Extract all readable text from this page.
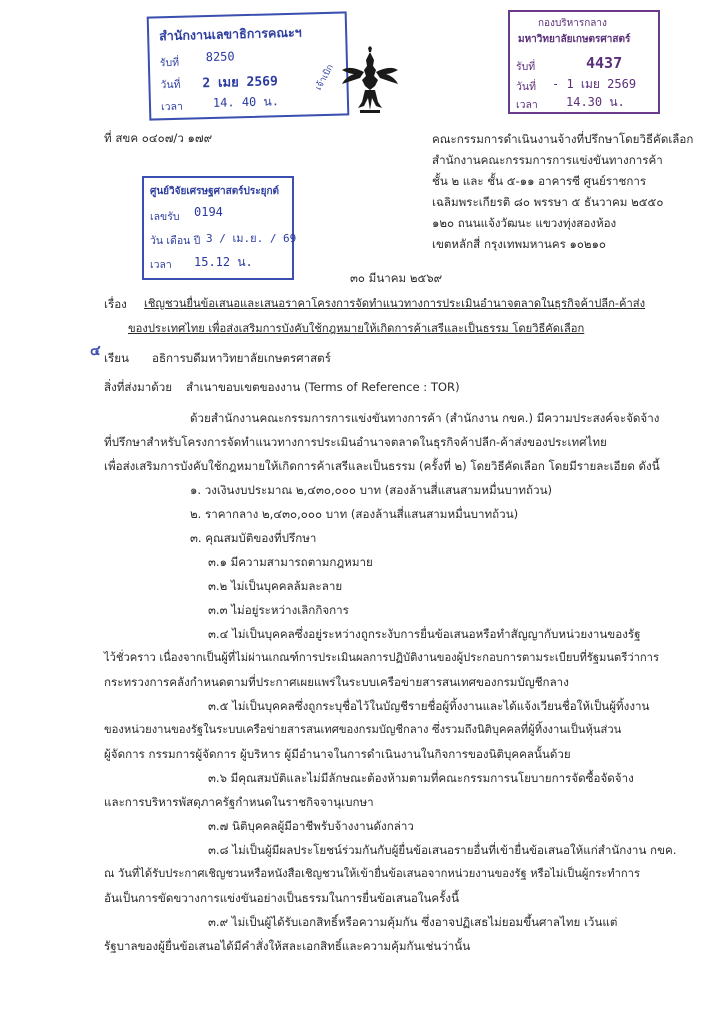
สำนักงานเลขาธิการคณะฯ
รับที่ 8250
วันที่ 2 เมย 2569
เวลา 14. 40 น.
เจ้าเบิก
กองบริหารกลาง
มหาวิทยาลัยเกษตรศาสตร์
รับที่	4437
วันที่ - 1 เมย 2569
เวลา 14.30 น.
ที่ สขค ๐๔๐๗/ว ๑๗๙	คณะกรรมการดำเนินงานจ้างที่ปรึกษาโดยวิธีคัดเลือก
สำนักงานคณะกรรมการการแข่งขันทางการค้า
ชั้น ๒ และ ชั้น ๕-๑๑ อาคารซี ศูนย์ราชการ
เฉลิมพระเกียรติ ๘๐ พรรษา ๕ ธันวาคม ๒๕๕๐
๑๒๐ ถนนแจ้งวัฒนะ แขวงทุ่งสองห้อง
เขตหลักสี่ กรุงเทพมหานคร ๑๐๒๑๐
ศูนย์วิจัยเศรษฐศาสตร์ประยุกต์
เลขรับ 0194
วัน เดือน ปี 3 / เม.ย. / 69
เวลา 15.12 น.
๓๐ มีนาคม ๒๕๖๙
เรื่อง เชิญชวนยื่นข้อเสนอและเสนอราคาโครงการจัดทำแนวทางการประเมินอำนาจตลาดในธุรกิจค้าปลีก-ค้าส่ง
ของประเทศไทย เพื่อส่งเสริมการบังคับใช้กฎหมายให้เกิดการค้าเสรีและเป็นธรรม โดยวิธีคัดเลือก
๔ เรียน อธิการบดีมหาวิทยาลัยเกษตรศาสตร์
สิ่งที่ส่งมาด้วย สำเนาขอบเขตของงาน (Terms of Reference : TOR)
ด้วยสำนักงานคณะกรรมการการแข่งขันทางการค้า (สำนักงาน กขค.) มีความประสงค์จะจัดจ้าง
ที่ปรึกษาสำหรับโครงการจัดทำแนวทางการประเมินอำนาจตลาดในธุรกิจค้าปลีก-ค้าส่งของประเทศไทย
เพื่อส่งเสริมการบังคับใช้กฎหมายให้เกิดการค้าเสรีและเป็นธรรม (ครั้งที่ ๒) โดยวิธีคัดเลือก โดยมีรายละเอียด ดังนี้
๑. วงเงินงบประมาณ ๒,๔๓๐,๐๐๐ บาท (สองล้านสี่แสนสามหมื่นบาทถ้วน)
๒. ราคากลาง ๒,๔๓๐,๐๐๐ บาท (สองล้านสี่แสนสามหมื่นบาทถ้วน)
๓. คุณสมบัติของที่ปรึกษา
๓.๑ มีความสามารถตามกฎหมาย
๓.๒ ไม่เป็นบุคคลล้มละลาย
๓.๓ ไม่อยู่ระหว่างเลิกกิจการ
๓.๔ ไม่เป็นบุคคลซึ่งอยู่ระหว่างถูกระงับการยื่นข้อเสนอหรือทำสัญญากับหน่วยงานของรัฐ
ไว้ชั่วคราว เนื่องจากเป็นผู้ที่ไม่ผ่านเกณฑ์การประเมินผลการปฏิบัติงานของผู้ประกอบการตามระเบียบที่รัฐมนตรีว่าการ
กระทรวงการคลังกำหนดตามที่ประกาศเผยแพร่ในระบบเครือข่ายสารสนเทศของกรมบัญชีกลาง
๓.๕ ไม่เป็นบุคคลซึ่งถูกระบุชื่อไว้ในบัญชีรายชื่อผู้ทิ้งงานและได้แจ้งเวียนชื่อให้เป็นผู้ทิ้งงาน
ของหน่วยงานของรัฐในระบบเครือข่ายสารสนเทศของกรมบัญชีกลาง ซึ่งรวมถึงนิติบุคคลที่ผู้ทิ้งงานเป็นหุ้นส่วน
ผู้จัดการ กรรมการผู้จัดการ ผู้บริหาร ผู้มีอำนาจในการดำเนินงานในกิจการของนิติบุคคลนั้นด้วย
๓.๖ มีคุณสมบัติและไม่มีลักษณะต้องห้ามตามที่คณะกรรมการนโยบายการจัดซื้อจัดจ้าง
และการบริหารพัสดุภาครัฐกำหนดในราชกิจจานุเบกษา
๓.๗ นิติบุคคลผู้มีอาชีพรับจ้างงานดังกล่าว
๓.๘ ไม่เป็นผู้มีผลประโยชน์ร่วมกันกับผู้ยื่นข้อเสนอรายอื่นที่เข้ายื่นข้อเสนอให้แก่สำนักงาน กขค.
ณ วันที่ได้รับประกาศเชิญชวนหรือหนังสือเชิญชวนให้เข้ายื่นข้อเสนอจากหน่วยงานของรัฐ หรือไม่เป็นผู้กระทำการ
อันเป็นการขัดขวางการแข่งขันอย่างเป็นธรรมในการยื่นข้อเสนอในครั้งนี้
๓.๙ ไม่เป็นผู้ได้รับเอกสิทธิ์หรือความคุ้มกัน ซึ่งอาจปฏิเสธไม่ยอมขึ้นศาลไทย เว้นแต่
รัฐบาลของผู้ยื่นข้อเสนอได้มีคำสั่งให้สละเอกสิทธิ์และความคุ้มกันเช่นว่านั้น
